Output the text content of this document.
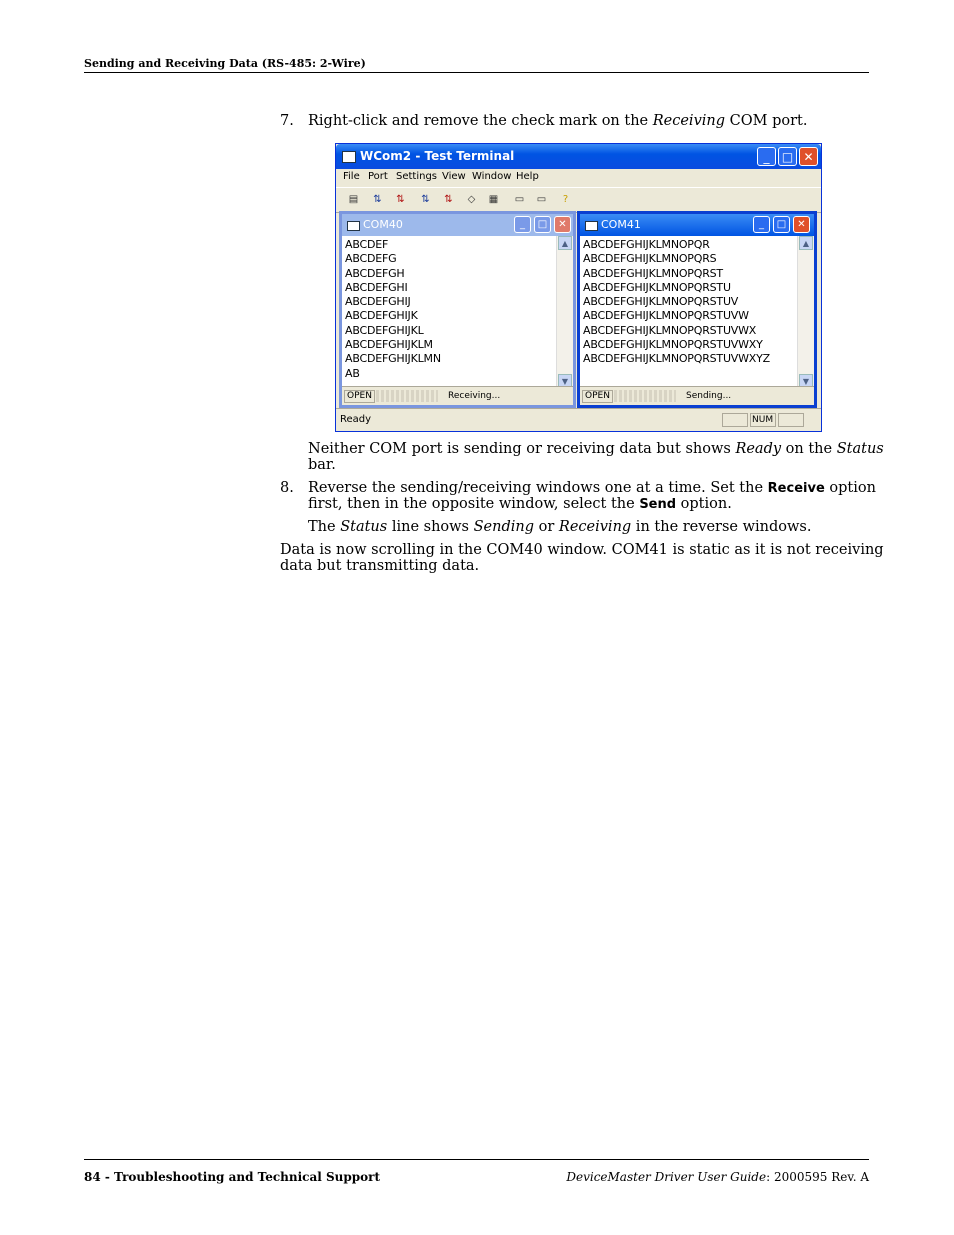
Sending and Receiving Data (RS-485: 2-Wire)
7. Right-click and remove the check mark on the Receiving COM port.
WCom2 - Test Terminal	_	□ ✕
File Port Settings View Window Help
▤	⇅	⇅	⇅	⇅	◇	▦ ▭ ▭	?
COM40	_	□	✕
ABCDEF
ABCDEFG
ABCDEFGH
ABCDEFGHI
ABCDEFGHIJ
ABCDEFGHIJK
ABCDEFGHIJKL
ABCDEFGHIJKLM
ABCDEFGHIJKLMN
AB
▲
▼
OPEN	Receiving...
COM41	_	□	✕
ABCDEFGHIJKLMNOPQR
ABCDEFGHIJKLMNOPQRS
ABCDEFGHIJKLMNOPQRST
ABCDEFGHIJKLMNOPQRSTU
ABCDEFGHIJKLMNOPQRSTUV
ABCDEFGHIJKLMNOPQRSTUVW
ABCDEFGHIJKLMNOPQRSTUVWX
ABCDEFGHIJKLMNOPQRSTUVWXY
ABCDEFGHIJKLMNOPQRSTUVWXYZ
▲
▼
OPEN	Sending...
Ready	NUM
Neither COM port is sending or receiving data but shows Ready on the Status
bar.
8. Reverse the sending/receiving windows one at a time. Set the Receive option
first, then in the opposite window, select the Send option.
The Status line shows Sending or Receiving in the reverse windows.
Data is now scrolling in the COM40 window. COM41 is static as it is not receiving
data but transmitting data.
84 - Troubleshooting and Technical Support	DeviceMaster Driver User Guide: 2000595 Rev. A
